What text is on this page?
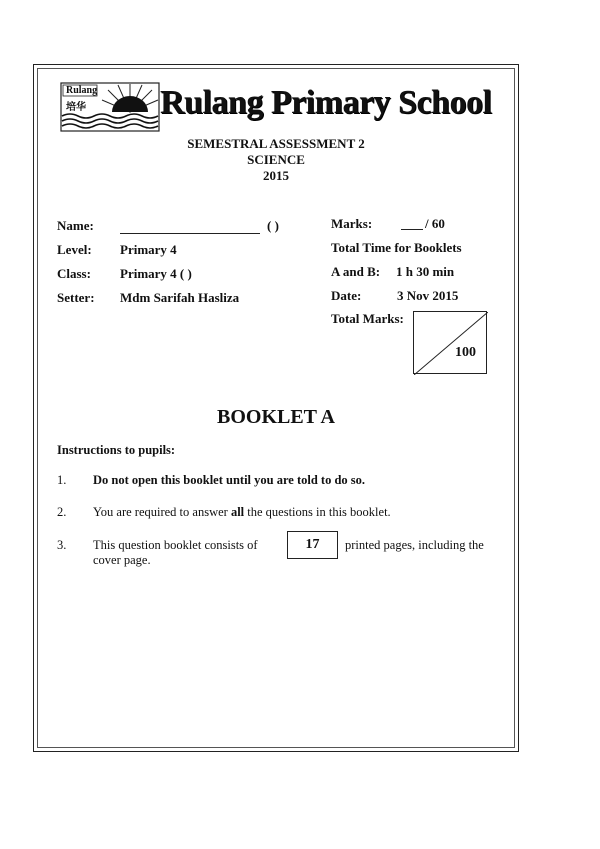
Rulang
培华 Rulang Primary School
SEMESTRAL ASSESSMENT 2
SCIENCE
2015
Name:	( )
Level: Primary 4
Class: Primary 4 ( )
Setter: Mdm Sarifah Hasliza
Marks:	/ 60
Total Time for Booklets
A and B: 1 h 30 min
Date:	3 Nov 2015
Total Marks:
100
BOOKLET A
Instructions to pupils:
1. Do not open this booklet until you are told to do so.
2. You are required to answer all the questions in this booklet.
3. This question booklet consists of	17	printed pages, including the
cover page.
